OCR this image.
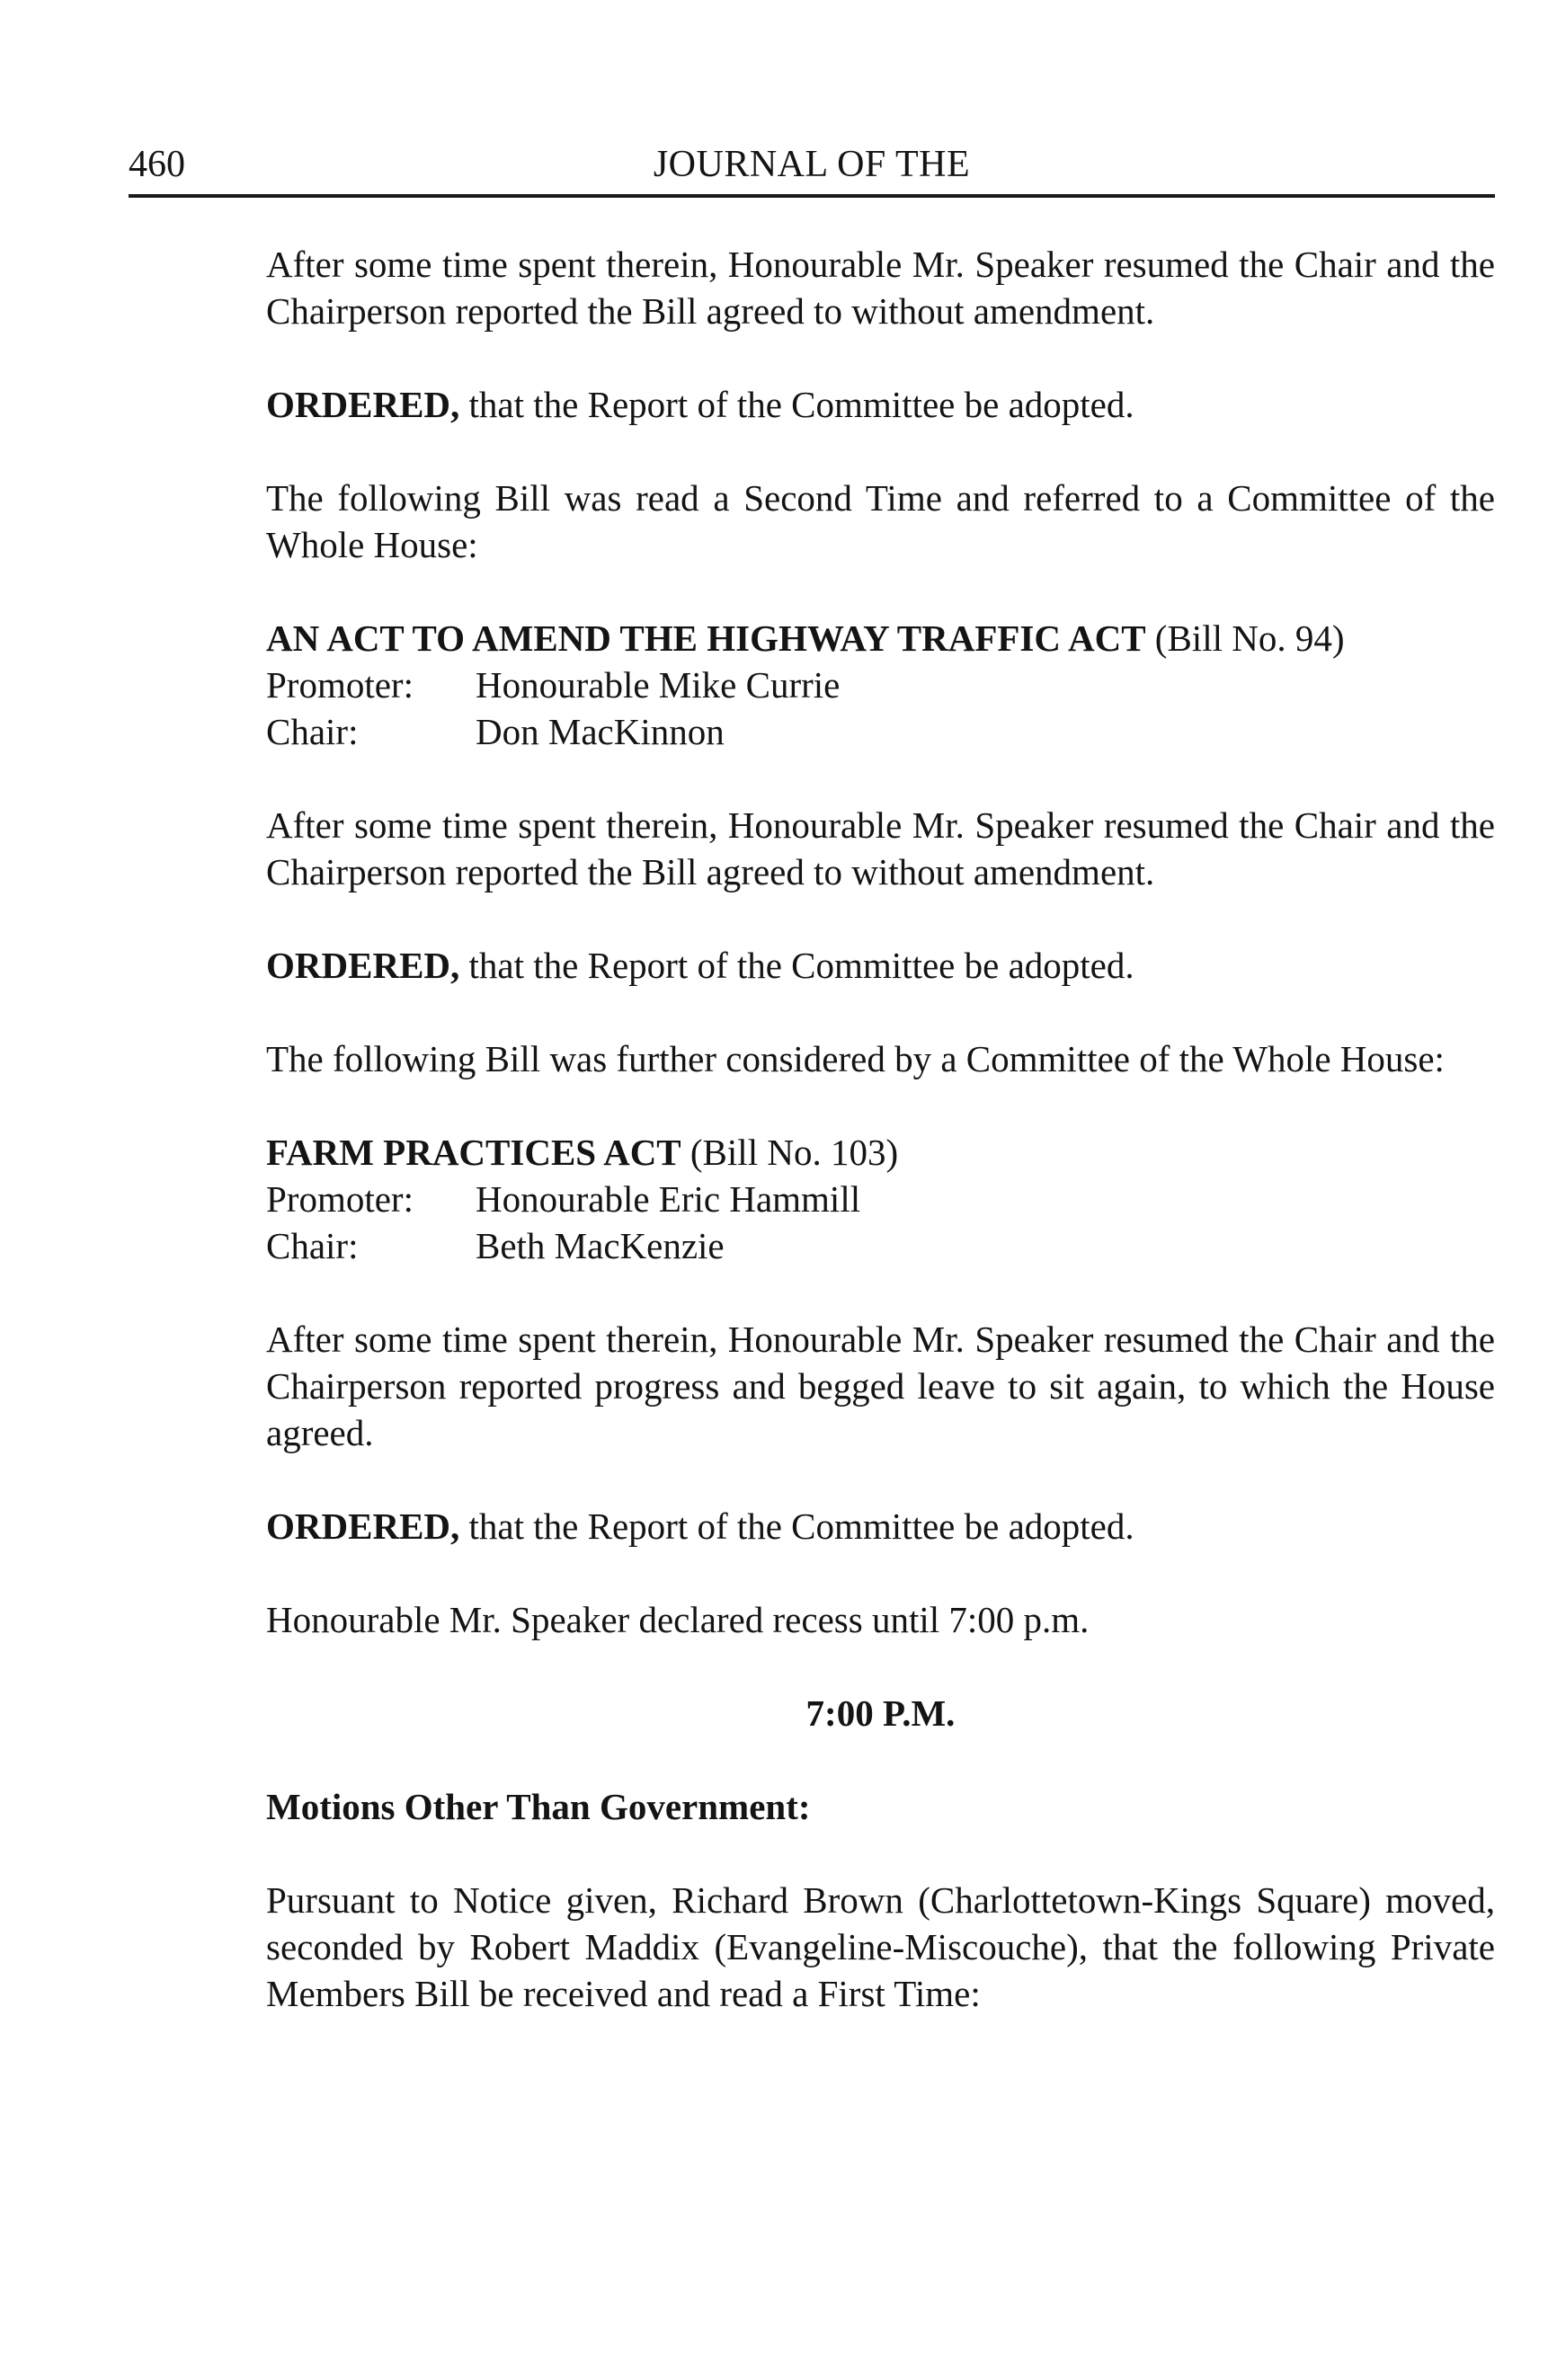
460	JOURNAL OF THE

After some time spent therein, Honourable Mr. Speaker resumed the Chair and the Chairperson reported the Bill agreed to without amendment.

ORDERED, that the Report of the Committee be adopted.

The following Bill was read a Second Time and referred to a Committee of the Whole House:

AN ACT TO AMEND THE HIGHWAY TRAFFIC ACT (Bill No. 94)

Promoter:	Honourable Mike Currie
Chair:	Don MacKinnon

After some time spent therein, Honourable Mr. Speaker resumed the Chair and the Chairperson reported the Bill agreed to without amendment.

ORDERED, that the Report of the Committee be adopted.

The following Bill was further considered by a Committee of the Whole House:

FARM PRACTICES ACT (Bill No. 103)

Promoter:	Honourable Eric Hammill
Chair:	Beth MacKenzie

After some time spent therein, Honourable Mr. Speaker resumed the Chair and the Chairperson reported progress and begged leave to sit again, to which the House agreed.

ORDERED, that the Report of the Committee be adopted.

Honourable Mr. Speaker declared recess until 7:00 p.m.

7:00 P.M.

Motions Other Than Government:

Pursuant to Notice given, Richard Brown (Charlottetown-Kings Square) moved, seconded by Robert Maddix (Evangeline-Miscouche), that the following Private Members Bill be received and read a First Time:
